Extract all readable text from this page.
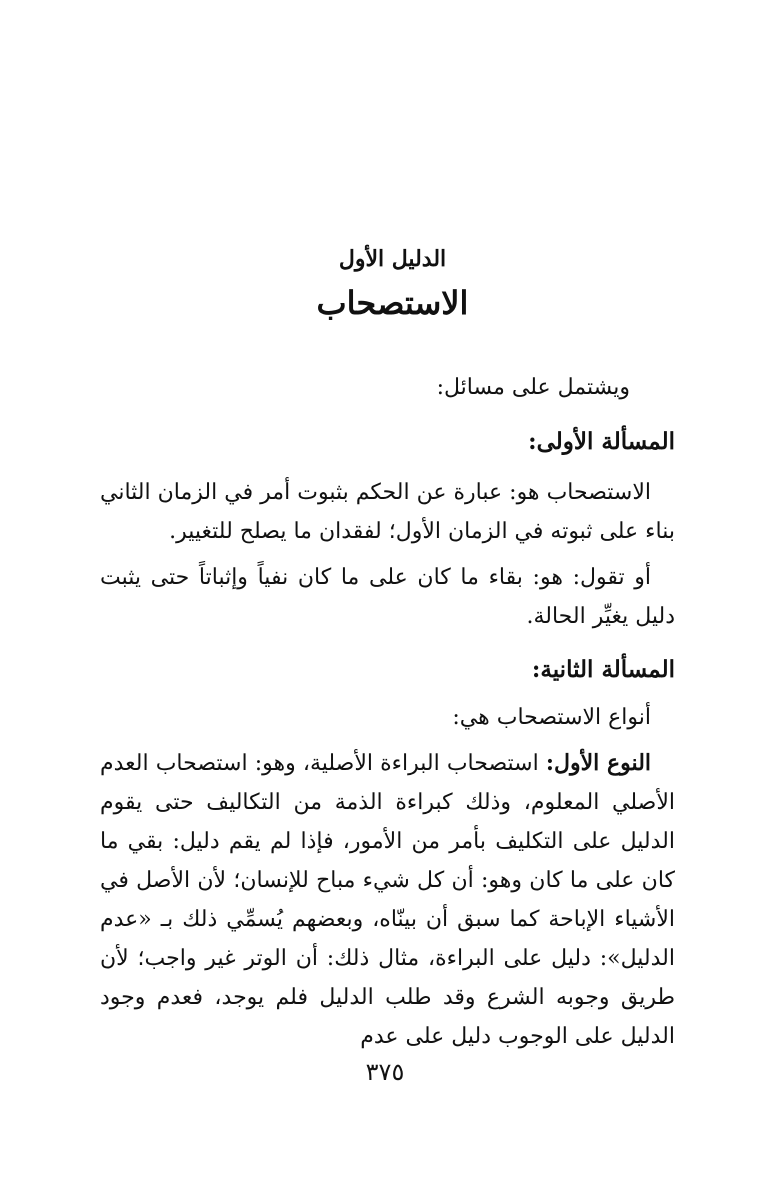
الدليل الأول
الاستصحاب
ويشتمل على مسائل:
المسألة الأولى:
الاستصحاب هو: عبارة عن الحكم بثبوت أمر في الزمان الثاني بناء على ثبوته في الزمان الأول؛ لفقدان ما يصلح للتغيير.
أو تقول: هو: بقاء ما كان على ما كان نفياً وإثباتاً حتى يثبت دليل يغيِّر الحالة.
المسألة الثانية:
أنواع الاستصحاب هي:
النوع الأول: استصحاب البراءة الأصلية، وهو: استصحاب العدم الأصلي المعلوم، وذلك كبراءة الذمة من التكاليف حتى يقوم الدليل على التكليف بأمر من الأمور، فإذا لم يقم دليل: بقي ما كان على ما كان وهو: أن كل شيء مباح للإنسان؛ لأن الأصل في الأشياء الإباحة كما سبق أن بينّاه، وبعضهم يُسمِّي ذلك بـ «عدم الدليل»: دليل على البراءة، مثال ذلك: أن الوتر غير واجب؛ لأن طريق وجوبه الشرع وقد طلب الدليل فلم يوجد، فعدم وجود الدليل على الوجوب دليل على عدم
٣٧٥
